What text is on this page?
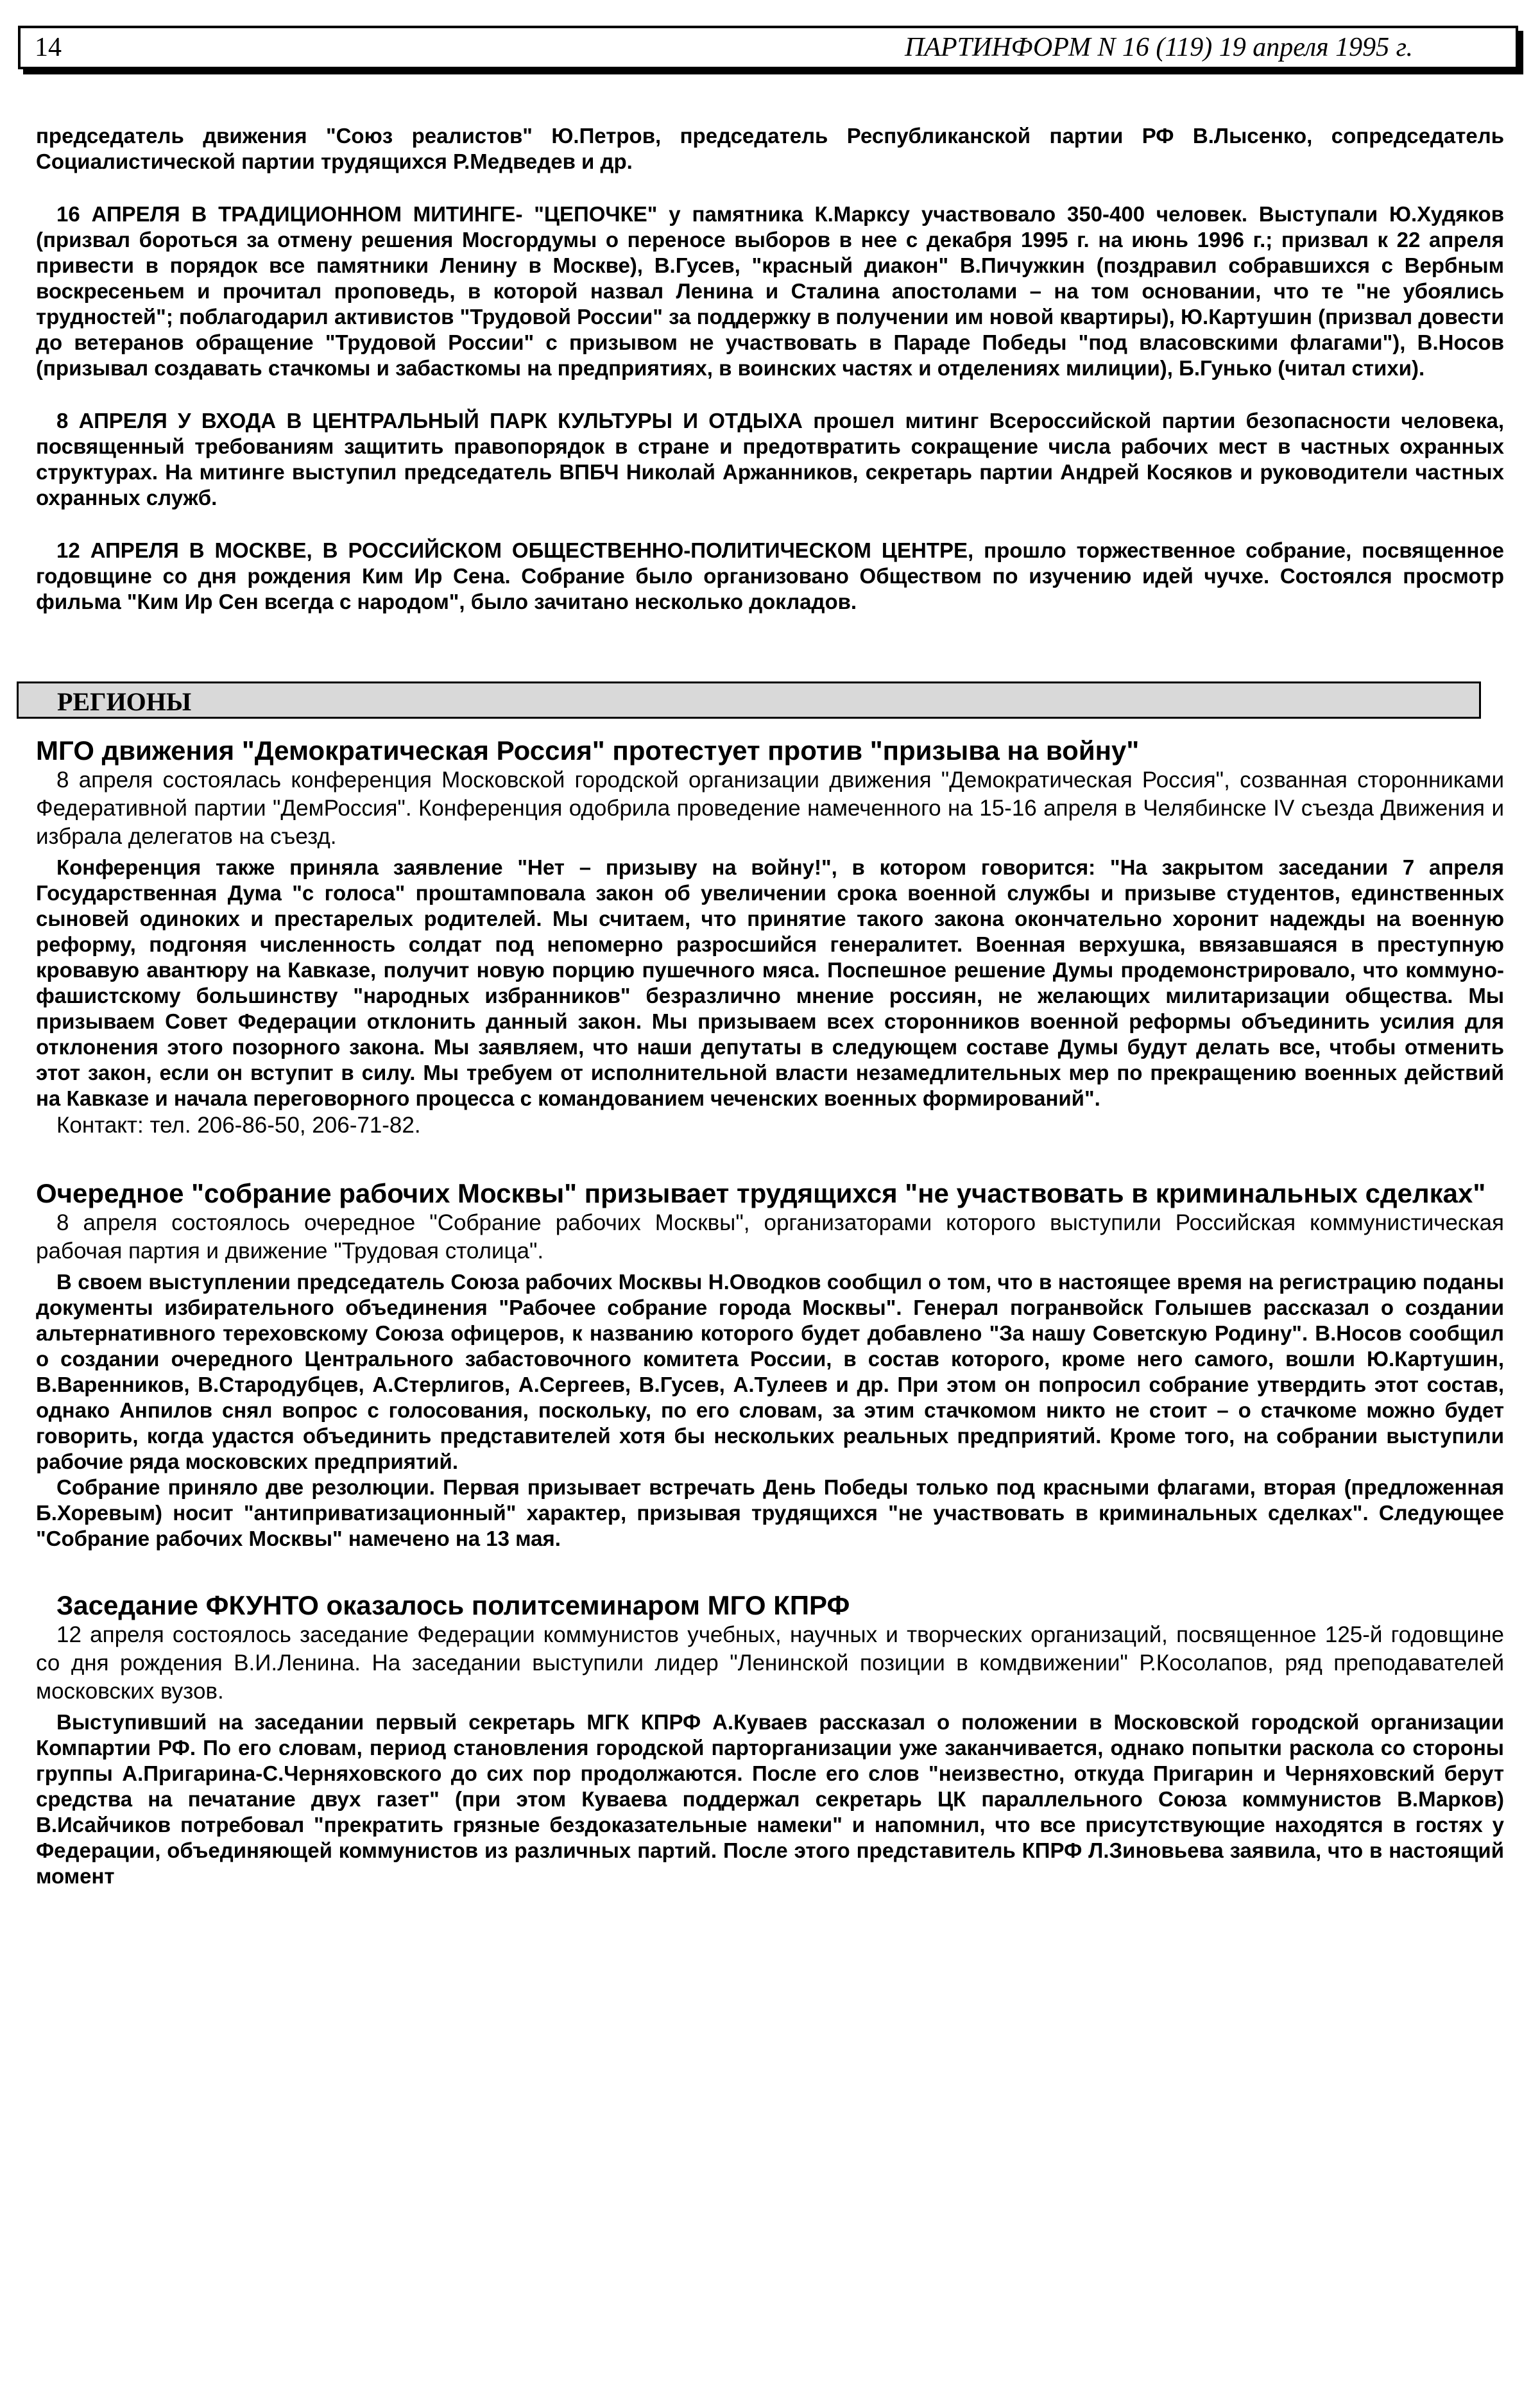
14	ПАРТИНФОРМ N 16 (119) 19 апреля 1995 г.

председатель движения "Союз реалистов" Ю.Петров, председатель Республиканской партии РФ В.Лысенко, сопредседатель Социалистической партии трудящихся Р.Медведев и др.

16 АПРЕЛЯ В ТРАДИЦИОННОМ МИТИНГЕ- "ЦЕПОЧКЕ" у памятника К.Марксу участвовало 350-400 человек. Выступали Ю.Худяков (призвал бороться за отмену решения Мосгордумы о переносе выборов в нее с декабря 1995 г. на июнь 1996 г.; призвал к 22 апреля привести в порядок все памятники Ленину в Москве), В.Гусев, "красный диакон" В.Пичужкин (поздравил собравшихся с Вербным воскресеньем и прочитал проповедь, в которой назвал Ленина и Сталина апостолами – на том основании, что те "не убоялись трудностей"; поблагодарил активистов "Трудовой России" за поддержку в получении им новой квартиры), Ю.Картушин (призвал довести до ветеранов обращение "Трудовой России" с призывом не участвовать в Параде Победы "под власовскими флагами"), В.Носов (призывал создавать стачкомы и забасткомы на предприятиях, в воинских частях и отделениях милиции), Б.Гунько (читал стихи).

8 АПРЕЛЯ У ВХОДА В ЦЕНТРАЛЬНЫЙ ПАРК КУЛЬТУРЫ И ОТДЫХА прошел митинг Всероссийской партии безопасности человека, посвященный требованиям защитить правопорядок в стране и предотвратить сокращение числа рабочих мест в частных охранных структурах. На митинге выступил председатель ВПБЧ Николай Аржанников, секретарь партии Андрей Косяков и руководители частных охранных служб.

12 АПРЕЛЯ В МОСКВЕ, В РОССИЙСКОМ ОБЩЕСТВЕННО-ПОЛИТИЧЕСКОМ ЦЕНТРЕ, прошло торжественное собрание, посвященное годовщине со дня рождения Ким Ир Сена. Собрание было организовано Обществом по изучению идей чучхе. Состоялся просмотр фильма "Ким Ир Сен всегда с народом", было зачитано несколько докладов.

РЕГИОНЫ
МГО движения "Демократическая Россия" протестует против "призыва на войну"

8 апреля состоялась конференция Московской городской организации движения "Демократическая Россия", созванная сторонниками Федеративной партии "ДемРоссия". Конференция одобрила проведение намеченного на 15-16 апреля в Челябинске IV съезда Движения и избрала делегатов на съезд.

Конференция также приняла заявление "Нет – призыву на войну!", в котором говорится: "На закрытом заседании 7 апреля Государственная Дума "с голоса" проштамповала закон об увеличении срока военной службы и призыве студентов, единственных сыновей одиноких и престарелых родителей. Мы считаем, что принятие такого закона окончательно хоронит надежды на военную реформу, подгоняя численность солдат под непомерно разросшийся генералитет. Военная верхушка, ввязавшаяся в преступную кровавую авантюру на Кавказе, получит новую порцию пушечного мяса. Поспешное решение Думы продемонстрировало, что коммуно-фашистскому большинству "народных избранников" безразлично мнение россиян, не желающих милитаризации общества. Мы призываем Совет Федерации отклонить данный закон. Мы призываем всех сторонников военной реформы объединить усилия для отклонения этого позорного закона. Мы заявляем, что наши депутаты в следующем составе Думы будут делать все, чтобы отменить этот закон, если он вступит в силу. Мы требуем от исполнительной власти незамедлительных мер по прекращению военных действий на Кавказе и начала переговорного процесса с командованием чеченских военных формирований".

Контакт: тел. 206-86-50, 206-71-82.

Очередное "собрание рабочих Москвы" призывает трудящихся "не участвовать в криминальных сделках"

8 апреля состоялось очередное "Собрание рабочих Москвы", организаторами которого выступили Российская коммунистическая рабочая партия и движение "Трудовая столица".

В своем выступлении председатель Союза рабочих Москвы Н.Оводков сообщил о том, что в настоящее время на регистрацию поданы документы избирательного объединения "Рабочее собрание города Москвы". Генерал погранвойск Голышев рассказал о создании альтернативного тереховскому Союза офицеров, к названию которого будет добавлено "За нашу Советскую Родину". В.Носов сообщил о создании очередного Центрального забастовочного комитета России, в состав которого, кроме него самого, вошли Ю.Картушин, В.Варенников, В.Стародубцев, А.Стерлигов, А.Сергеев, В.Гусев, А.Тулеев и др. При этом он попросил собрание утвердить этот состав, однако Анпилов снял вопрос с голосования, поскольку, по его словам, за этим стачкомом никто не стоит – о стачкоме можно будет говорить, когда удастся объединить представителей хотя бы нескольких реальных предприятий. Кроме того, на собрании выступили рабочие ряда московских предприятий.

Собрание приняло две резолюции. Первая призывает встречать День Победы только под красными флагами, вторая (предложенная Б.Хоревым) носит "антиприватизационный" характер, призывая трудящихся "не участвовать в криминальных сделках". Следующее "Собрание рабочих Москвы" намечено на 13 мая.

Заседание ФКУНТО оказалось политсеминаром МГО КПРФ

12 апреля состоялось заседание Федерации коммунистов учебных, научных и творческих организаций, посвященное 125-й годовщине со дня рождения В.И.Ленина. На заседании выступили лидер "Ленинской позиции в комдвижении" Р.Косолапов, ряд преподавателей московских вузов.

Выступивший на заседании первый секретарь МГК КПРФ А.Куваев рассказал о положении в Московской городской организации Компартии РФ. По его словам, период становления городской парторганизации уже заканчивается, однако попытки раскола со стороны группы А.Пригарина-С.Черняховского до сих пор продолжаются. После его слов "неизвестно, откуда Пригарин и Черняховский берут средства на печатание двух газет" (при этом Куваева поддержал секретарь ЦК параллельного Союза коммунистов В.Марков) В.Исайчиков потребовал "прекратить грязные бездоказательные намеки" и напомнил, что все присутствующие находятся в гостях у Федерации, объединяющей коммунистов из различных партий. После этого представитель КПРФ Л.Зиновьева заявила, что в настоящий момент
